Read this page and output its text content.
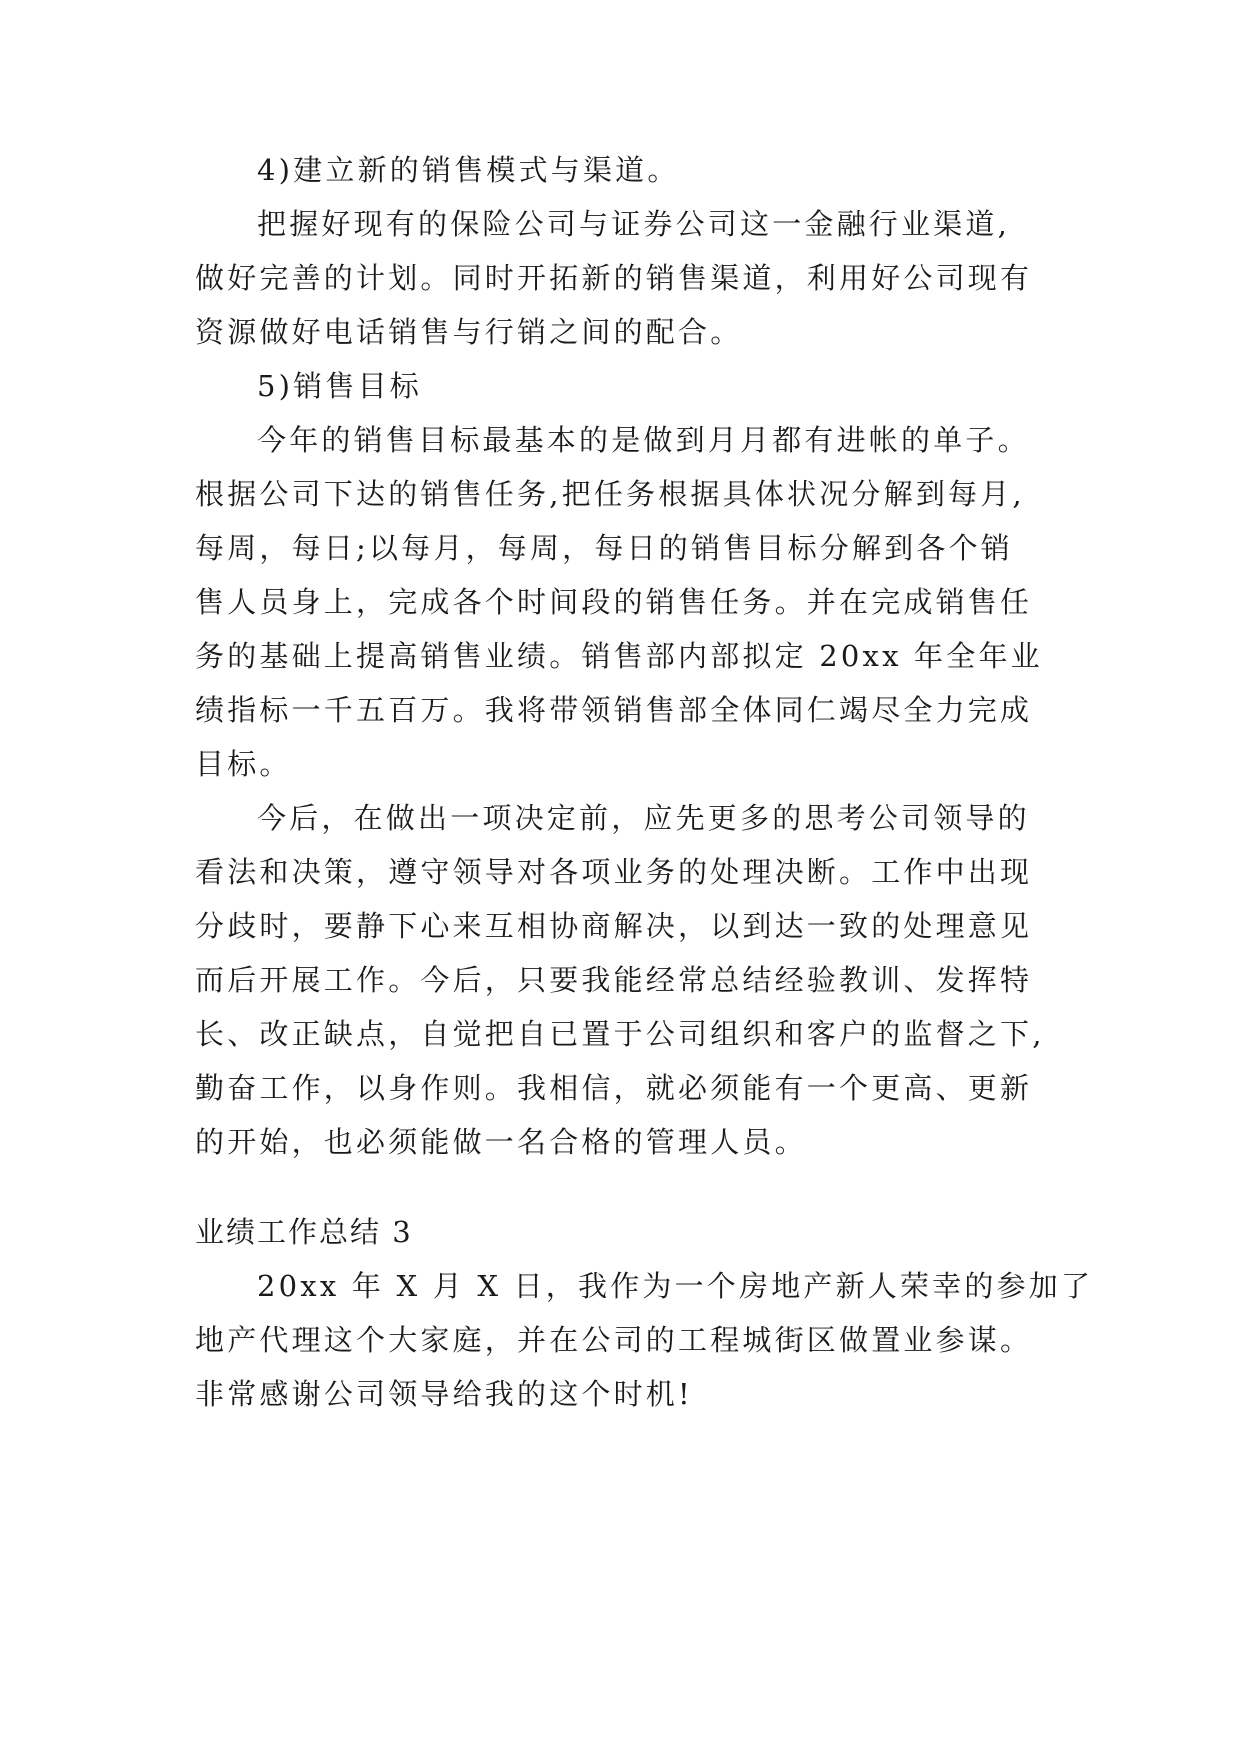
4)建立新的销售模式与渠道。
把握好现有的保险公司与证券公司这一金融行业渠道,
做好完善的计划。同时开拓新的销售渠道，利用好公司现有
资源做好电话销售与行销之间的配合。
5)销售目标
今年的销售目标最基本的是做到月月都有进帐的单子。
根据公司下达的销售任务,把任务根据具体状况分解到每月,
每周，每日;以每月，每周，每日的销售目标分解到各个销
售人员身上，完成各个时间段的销售任务。并在完成销售任
务的基础上提高销售业绩。销售部内部拟定 20xx 年全年业
绩指标一千五百万。我将带领销售部全体同仁竭尽全力完成
目标。
今后，在做出一项决定前，应先更多的思考公司领导的
看法和决策，遵守领导对各项业务的处理决断。工作中出现
分歧时，要静下心来互相协商解决，以到达一致的处理意见
而后开展工作。今后，只要我能经常总结经验教训、发挥特
长、改正缺点，自觉把自已置于公司组织和客户的监督之下,
勤奋工作，以身作则。我相信，就必须能有一个更高、更新
的开始，也必须能做一名合格的管理人员。
业绩工作总结 3
20xx 年 X 月 X 日，我作为一个房地产新人荣幸的参加了
地产代理这个大家庭，并在公司的工程城街区做置业参谋。
非常感谢公司领导给我的这个时机!
